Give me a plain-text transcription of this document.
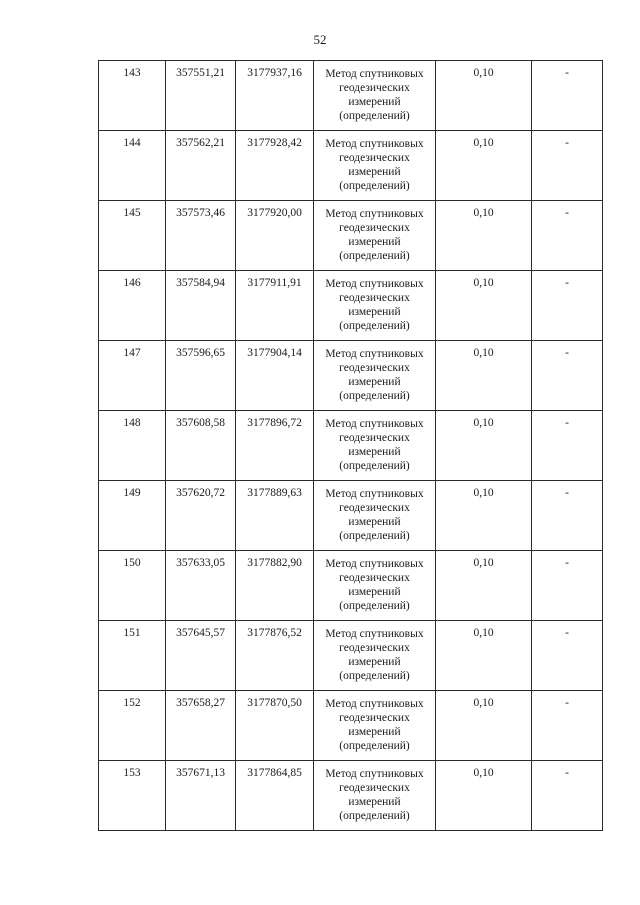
52
143	357551,21	3177937,16	Метод спутниковых
геодезических
измерений
(определений)	0,10	-
144	357562,21	3177928,42	Метод спутниковых
геодезических
измерений
(определений)	0,10	-
145	357573,46	3177920,00	Метод спутниковых
геодезических
измерений
(определений)	0,10	-
146	357584,94	3177911,91	Метод спутниковых
геодезических
измерений
(определений)	0,10	-
147	357596,65	3177904,14	Метод спутниковых
геодезических
измерений
(определений)	0,10	-
148	357608,58	3177896,72	Метод спутниковых
геодезических
измерений
(определений)	0,10	-
149	357620,72	3177889,63	Метод спутниковых
геодезических
измерений
(определений)	0,10	-
150	357633,05	3177882,90	Метод спутниковых
геодезических
измерений
(определений)	0,10	-
151	357645,57	3177876,52	Метод спутниковых
геодезических
измерений
(определений)	0,10	-
152	357658,27	3177870,50	Метод спутниковых
геодезических
измерений
(определений)	0,10	-
153	357671,13	3177864,85	Метод спутниковых
геодезических
измерений
(определений)	0,10	-
